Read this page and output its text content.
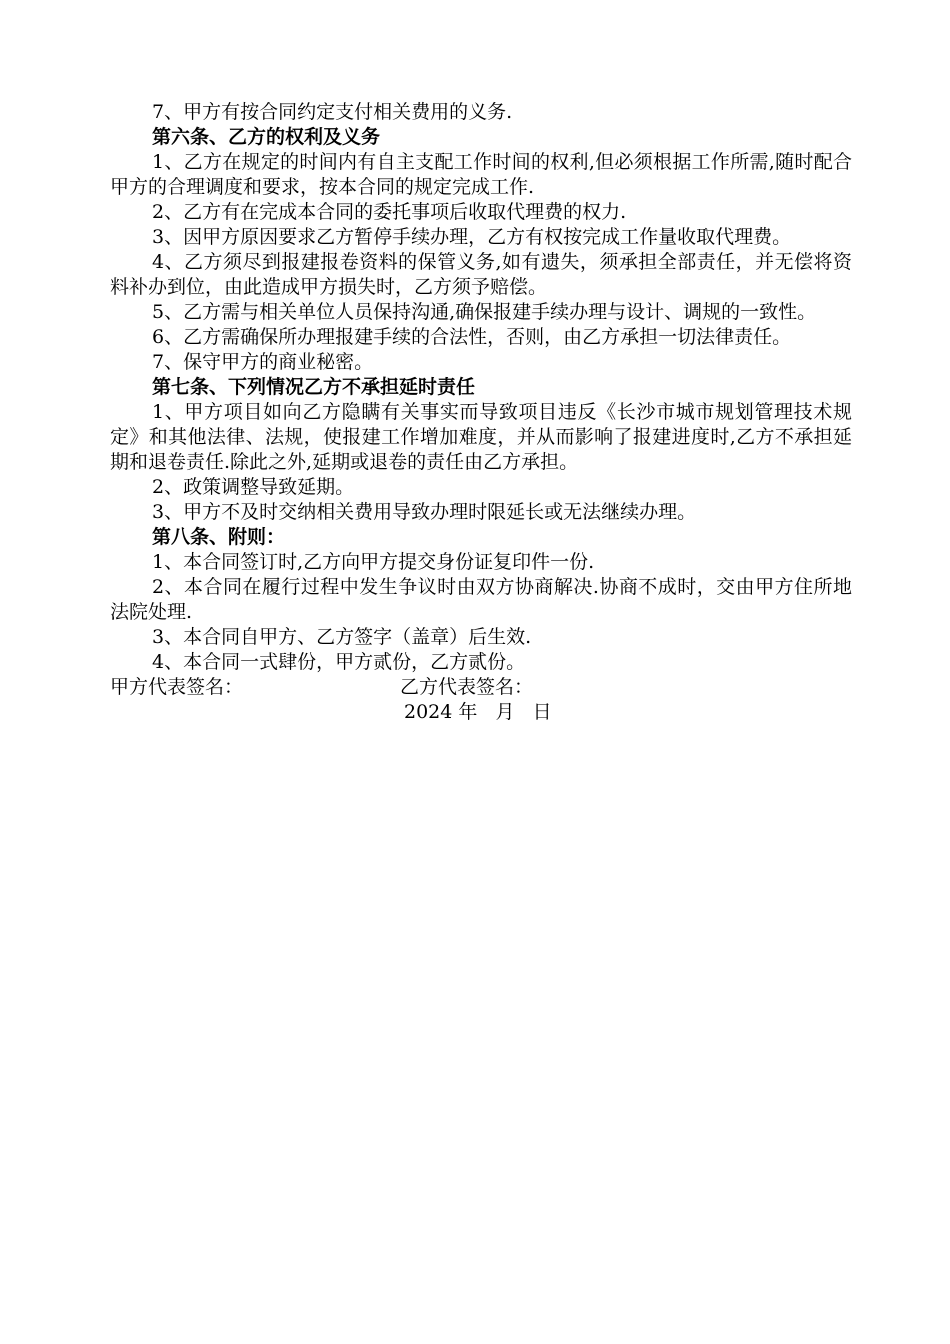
7、甲方有按合同约定支付相关费用的义务.

第六条、乙方的权利及义务

1、乙方在规定的时间内有自主支配工作时间的权利,但必须根据工作所需,随时配合甲方的合理调度和要求，按本合同的规定完成工作.

2、乙方有在完成本合同的委托事项后收取代理费的权力.

3、因甲方原因要求乙方暂停手续办理，乙方有权按完成工作量收取代理费。

4、乙方须尽到报建报卷资料的保管义务,如有遗失，须承担全部责任，并无偿将资料补办到位，由此造成甲方损失时，乙方须予赔偿。

5、乙方需与相关单位人员保持沟通,确保报建手续办理与设计、调规的一致性。

6、乙方需确保所办理报建手续的合法性，否则，由乙方承担一切法律责任。

7、保守甲方的商业秘密。

第七条、下列情况乙方不承担延时责任

1、甲方项目如向乙方隐瞒有关事实而导致项目违反《长沙市城市规划管理技术规定》和其他法律、法规，使报建工作增加难度，并从而影响了报建进度时,乙方不承担延期和退卷责任.除此之外,延期或退卷的责任由乙方承担。

2、政策调整导致延期。

3、甲方不及时交纳相关费用导致办理时限延长或无法继续办理。

第八条、附则：

1、本合同签订时,乙方向甲方提交身份证复印件一份.

2、本合同在履行过程中发生争议时由双方协商解决.协商不成时，交由甲方住所地法院处理.

3、本合同自甲方、乙方签字（盖章）后生效.

4、本合同一式肆份，甲方贰份，乙方贰份。

甲方代表签名：	乙方代表签名：
2024 年   月   日
